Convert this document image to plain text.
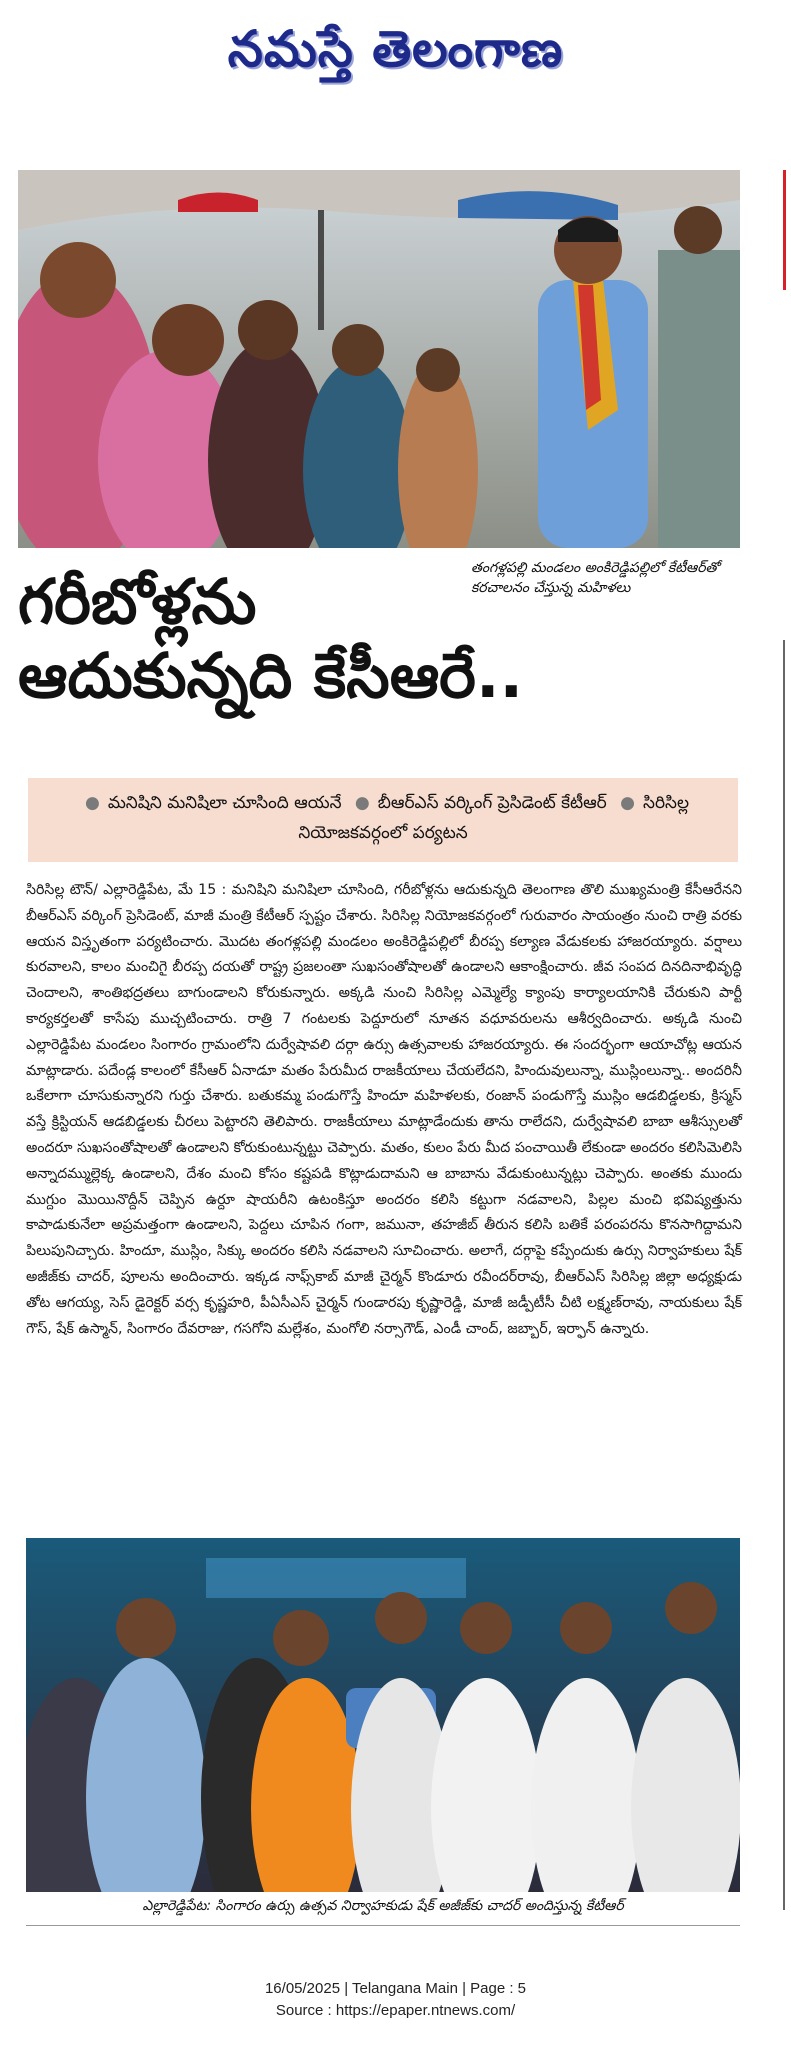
నమస్తే తెలంగాణ
తంగళ్లపల్లి మండలం అంకిరెడ్డిపల్లిలో కేటీఆర్‌తో కరచాలనం చేస్తున్న మహిళలు
గరీబోళ్లను
ఆదుకున్నది కేసీఆరే..
● మనిషిని మనిషిలా చూసింది ఆయనే ● బీఆర్‌ఎస్ వర్కింగ్ ప్రెసిడెంట్ కేటీఆర్ ● సిరిసిల్ల నియోజకవర్గంలో పర్యటన

సిరిసిల్ల టౌన్/ ఎల్లారెడ్డిపేట, మే 15 : మనిషిని మనిషిలా చూసింది, గరీబోళ్లను ఆదుకున్నది తెలంగాణ తొలి ముఖ్యమంత్రి కేసీఆరేనని బీఆర్‌ఎస్ వర్కింగ్ ప్రెసిడెంట్, మాజీ మంత్రి కేటీఆర్ స్పష్టం చేశారు. సిరిసిల్ల నియోజకవర్గంలో గురువారం సాయంత్రం నుంచి రాత్రి వరకు ఆయన విస్తృతంగా పర్యటించారు. మొదట తంగళ్లపల్లి మండలం అంకిరెడ్డిపల్లిలో బీరప్ప కల్యాణ వేడుకలకు హాజరయ్యారు. వర్షాలు కురవాలని, కాలం మంచిగై బీరప్ప దయతో రాష్ట్ర ప్రజలంతా సుఖసంతోషాలతో ఉండాలని ఆకాంక్షించారు. జీవ సంపద దినదినాభివృద్ధి చెందాలని, శాంతిభద్రతలు బాగుండాలని కోరుకున్నారు. అక్కడి నుంచి సిరిసిల్ల ఎమ్మెల్యే క్యాంపు కార్యాలయానికి చేరుకుని పార్టీ కార్యకర్తలతో కాసేపు ముచ్చటించారు. రాత్రి 7 గంటలకు పెద్దూరులో నూతన వధూవరులను ఆశీర్వదించారు. అక్కడి నుంచి ఎల్లారెడ్డిపేట మండలం సింగారం గ్రామంలోని దుర్వేషావలి దర్గా ఉర్సు ఉత్సవాలకు హాజరయ్యారు. ఈ సందర్భంగా ఆయాచోట్ల ఆయన మాట్లాడారు. పదేండ్ల కాలంలో కేసీఆర్ ఏనాడూ మతం పేరుమీద రాజకీయాలు చేయలేదని, హిందువులున్నా, ముస్లింలున్నా.. అందరినీ ఒకేలాగా చూసుకున్నారని గుర్తు చేశారు. బతుకమ్మ పండుగొస్తే హిందూ మహిళలకు, రంజాన్ పండుగొస్తే ముస్లిం ఆడబిడ్డలకు, క్రిస్మస్ వస్తే క్రిస్టియన్ ఆడబిడ్డలకు చీరలు పెట్టారని తెలిపారు. రాజకీయాలు మాట్లాడేందుకు తాను రాలేదని, దుర్వేషావలి బాబా ఆశీస్సులతో అందరూ సుఖసంతోషాలతో ఉండాలని కోరుకుంటున్నట్టు చెప్పారు. మతం, కులం పేరు మీద పంచాయితీ లేకుండా అందరం కలిసిమెలిసి అన్నాదమ్ముల్లెక్క ఉండాలని, దేశం మంచి కోసం కష్టపడి కొట్లాడుదామని ఆ బాబాను వేడుకుంటున్నట్లు చెప్పారు. అంతకు ముందు ముగ్దుం మొయినొద్దీన్ చెప్పిన ఉర్దూ షాయరీని ఉటంకిస్తూ అందరం కలిసి కట్టుగా నడవాలని, పిల్లల మంచి భవిష్యత్తును కాపాడుకునేలా అప్రమత్తంగా ఉండాలని, పెద్దలు చూపిన గంగా, జమునా, తహజీబ్ తీరున కలిసి బతికే పరంపరను కొనసాగిద్దామని పిలుపునిచ్చారు. హిందూ, ముస్లిం, సిక్కు అందరం కలిసి నడవాలని సూచించారు. అలాగే, దర్గాపై కప్పేందుకు ఉర్సు నిర్వాహకులు షేక్ అజీజ్‌కు చాదర్, పూలను అందించారు. ఇక్కడ నాఫ్స్‌కాబ్ మాజీ చైర్మన్ కొండూరు రవీందర్‌రావు, బీఆర్‌ఎస్ సిరిసిల్ల జిల్లా అధ్యక్షుడు తోట ఆగయ్య, సెస్ డైరెక్టర్ వర్స కృష్ణహరి, పీఏసీఎస్ చైర్మన్ గుండారపు కృష్ణారెడ్డి, మాజీ జడ్పీటీసీ చీటి లక్ష్మణ్‌రావు, నాయకులు షేక్ గౌస్, షేక్ ఉస్మాన్, సింగారం దేవరాజు, గసగోని మల్లేశం, మంగోలి నర్సాగౌడ్, ఎండీ చాంద్, జబ్బార్, ఇర్ఫాన్ ఉన్నారు.

ఎల్లారెడ్డిపేట: సింగారం ఉర్సు ఉత్సవ నిర్వాహకుడు షేక్ అజీజ్‌కు చాదర్ అందిస్తున్న కేటీఆర్
16/05/2025 | Telangana Main | Page : 5
Source : https://epaper.ntnews.com/
